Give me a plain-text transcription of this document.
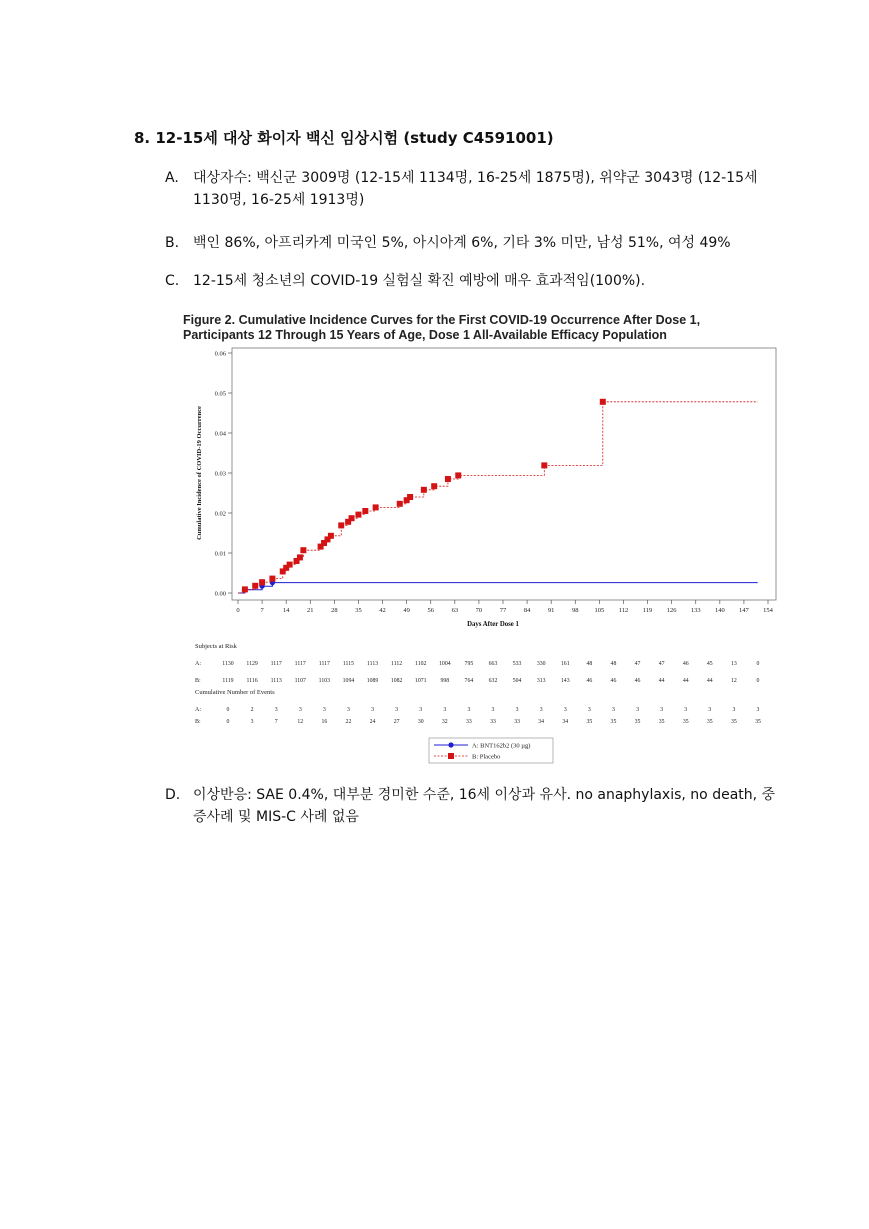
8. 12-15세 대상 화이자 백신 임상시험 (study C4591001)
A. 대상자수: 백신군 3009명 (12-15세 1134명, 16-25세 1875명), 위약군 3043명 (12-15세 1130명, 16-25세 1913명)
B. 백인 86%, 아프리카계 미국인 5%, 아시아계 6%, 기타 3% 미만, 남성 51%, 여성 49%
C. 12-15세 청소년의 COVID-19 실험실 확진 예방에 매우 효과적임(100%).
Figure 2. Cumulative Incidence Curves for the First COVID-19 Occurrence After Dose 1,
Participants 12 Through 15 Years of Age, Dose 1 All-Available Efficacy Population
0.00
0.01
0.02
0.03
0.04
0.05
0.06
0	7	14	21	28	35	42	49	56	63	70	77	84	91	98 105 112 119 126 133 140 147 154
Days After Dose 1
Cumulative Incidence of COVID-19 Occurrence
Subjects at Risk
Cumulative Number of Events
A:	1130 1129 1117 1117 1117 1115 1113 1112 1102 1004 795	663	533	330	161	48	48	47	47	46	45	13	0
B:	1119 1116 1113 1107 1103 1094 1089 1082 1071 998	764	632	504	313	143	46	46	46	44	44	44	12	0
A:	0	2	3	3	3	3	3	3	3	3	3	3	3	3	3	3	3	3	3	3	3	3	3
B:	0	3	7	12	16	22	24	27	30	32	33	33	33	34	34	35	35	35	35	35	35	35	35
A: BNT162b2 (30 µg)
B: Placebo
D. 이상반응: SAE 0.4%, 대부분 경미한 수준, 16세 이상과 유사. no anaphylaxis, no death, 중증사례 및 MIS-C 사례 없음
